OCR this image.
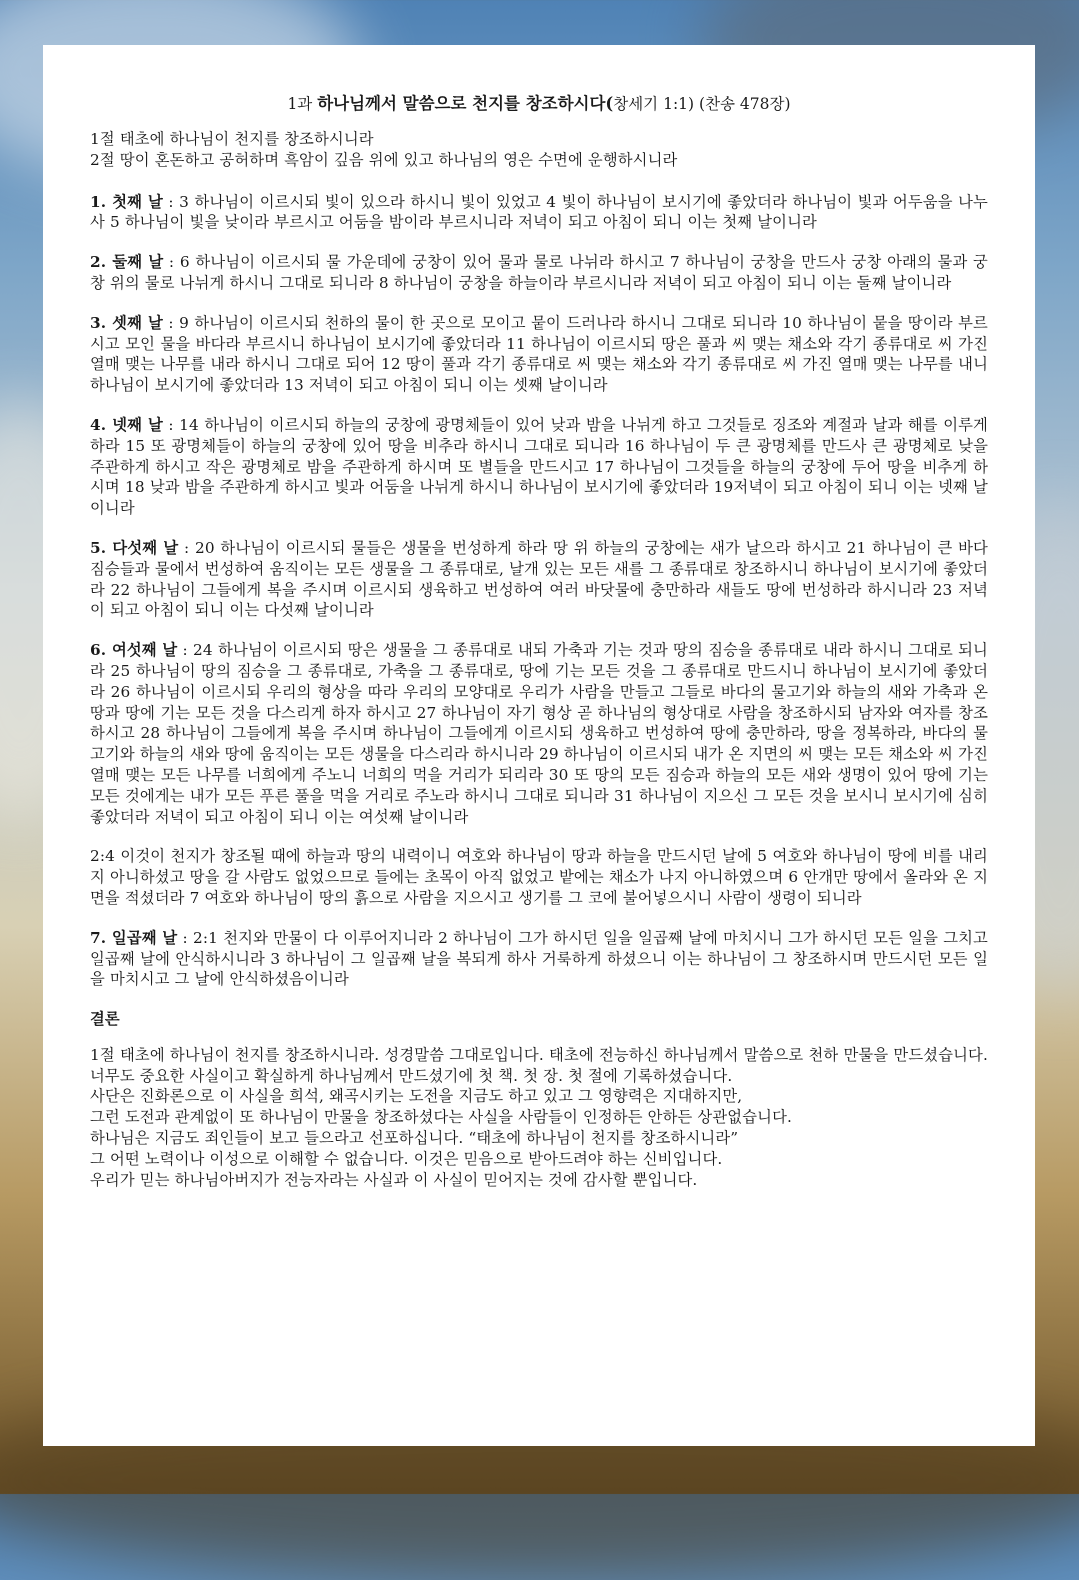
1과 하나님께서 말씀으로 천지를 창조하시다(창세기 1:1) (찬송 478장)

1절 태초에 하나님이 천지를 창조하시니라
2절 땅이 혼돈하고 공허하며 흑암이 깊음 위에 있고 하나님의 영은 수면에 운행하시니라

1. 첫째 날 : 3 하나님이 이르시되 빛이 있으라 하시니 빛이 있었고 4 빛이 하나님이 보시기에 좋았더라 하나님이 빛과 어두움을 나누사 5 하나님이 빛을 낮이라 부르시고 어둠을 밤이라 부르시니라 저녁이 되고 아침이 되니 이는 첫째 날이니라

2. 둘째 날 : 6 하나님이 이르시되 물 가운데에 궁창이 있어 물과 물로 나뉘라 하시고 7 하나님이 궁창을 만드사 궁창 아래의 물과 궁창 위의 물로 나뉘게 하시니 그대로 되니라 8 하나님이 궁창을 하늘이라 부르시니라 저녁이 되고 아침이 되니 이는 둘째 날이니라

3. 셋째 날 : 9 하나님이 이르시되 천하의 물이 한 곳으로 모이고 뭍이 드러나라 하시니 그대로 되니라 10 하나님이 뭍을 땅이라 부르시고 모인 물을 바다라 부르시니 하나님이 보시기에 좋았더라 11 하나님이 이르시되 땅은 풀과 씨 맺는 채소와 각기 종류대로 씨 가진 열매 맺는 나무를 내라 하시니 그대로 되어 12 땅이 풀과 각기 종류대로 씨 맺는 채소와 각기 종류대로 씨 가진 열매 맺는 나무를 내니 하나님이 보시기에 좋았더라 13 저녁이 되고 아침이 되니 이는 셋째 날이니라

4. 넷째 날 : 14 하나님이 이르시되 하늘의 궁창에 광명체들이 있어 낮과 밤을 나뉘게 하고 그것들로 징조와 계절과 날과 해를 이루게 하라 15 또 광명체들이 하늘의 궁창에 있어 땅을 비추라 하시니 그대로 되니라 16 하나님이 두 큰 광명체를 만드사 큰 광명체로 낮을 주관하게 하시고 작은 광명체로 밤을 주관하게 하시며 또 별들을 만드시고 17 하나님이 그것들을 하늘의 궁창에 두어 땅을 비추게 하시며 18 낮과 밤을 주관하게 하시고 빛과 어둠을 나뉘게 하시니 하나님이 보시기에 좋았더라 19저녁이 되고 아침이 되니 이는 넷째 날이니라

5. 다섯째 날 : 20 하나님이 이르시되 물들은 생물을 번성하게 하라 땅 위 하늘의 궁창에는 새가 날으라 하시고 21 하나님이 큰 바다 짐승들과 물에서 번성하여 움직이는 모든 생물을 그 종류대로, 날개 있는 모든 새를 그 종류대로 창조하시니 하나님이 보시기에 좋았더라 22 하나님이 그들에게 복을 주시며 이르시되 생육하고 번성하여 여러 바닷물에 충만하라 새들도 땅에 번성하라 하시니라 23 저녁이 되고 아침이 되니 이는 다섯째 날이니라

6. 여섯째 날 : 24 하나님이 이르시되 땅은 생물을 그 종류대로 내되 가축과 기는 것과 땅의 짐승을 종류대로 내라 하시니 그대로 되니라 25 하나님이 땅의 짐승을 그 종류대로, 가축을 그 종류대로, 땅에 기는 모든 것을 그 종류대로 만드시니 하나님이 보시기에 좋았더라 26 하나님이 이르시되 우리의 형상을 따라 우리의 모양대로 우리가 사람을 만들고 그들로 바다의 물고기와 하늘의 새와 가축과 온 땅과 땅에 기는 모든 것을 다스리게 하자 하시고 27 하나님이 자기 형상 곧 하나님의 형상대로 사람을 창조하시되 남자와 여자를 창조하시고 28 하나님이 그들에게 복을 주시며 하나님이 그들에게 이르시되 생육하고 번성하여 땅에 충만하라, 땅을 정복하라, 바다의 물고기와 하늘의 새와 땅에 움직이는 모든 생물을 다스리라 하시니라 29 하나님이 이르시되 내가 온 지면의 씨 맺는 모든 채소와 씨 가진 열매 맺는 모든 나무를 너희에게 주노니 너희의 먹을 거리가 되리라 30 또 땅의 모든 짐승과 하늘의 모든 새와 생명이 있어 땅에 기는 모든 것에게는 내가 모든 푸른 풀을 먹을 거리로 주노라 하시니 그대로 되니라 31 하나님이 지으신 그 모든 것을 보시니 보시기에 심히 좋았더라 저녁이 되고 아침이 되니 이는 여섯째 날이니라

2:4 이것이 천지가 창조될 때에 하늘과 땅의 내력이니 여호와 하나님이 땅과 하늘을 만드시던 날에 5 여호와 하나님이 땅에 비를 내리지 아니하셨고 땅을 갈 사람도 없었으므로 들에는 초목이 아직 없었고 밭에는 채소가 나지 아니하였으며 6 안개만 땅에서 올라와 온 지면을 적셨더라 7 여호와 하나님이 땅의 흙으로 사람을 지으시고 생기를 그 코에 불어넣으시니 사람이 생령이 되니라

7. 일곱째 날 : 2:1 천지와 만물이 다 이루어지니라 2 하나님이 그가 하시던 일을 일곱째 날에 마치시니 그가 하시던 모든 일을 그치고 일곱째 날에 안식하시니라 3 하나님이 그 일곱째 날을 복되게 하사 거룩하게 하셨으니 이는 하나님이 그 창조하시며 만드시던 모든 일을 마치시고 그 날에 안식하셨음이니라

결론

1절 태초에 하나님이 천지를 창조하시니라. 성경말씀 그대로입니다. 태초에 전능하신 하나님께서 말씀으로 천하 만물을 만드셨습니다. 너무도 중요한 사실이고 확실하게 하나님께서 만드셨기에 첫 책. 첫 장. 첫 절에 기록하셨습니다.

사단은 진화론으로 이 사실을 희석, 왜곡시키는 도전을 지금도 하고 있고 그 영향력은 지대하지만,

그런 도전과 관계없이 또 하나님이 만물을 창조하셨다는 사실을 사람들이 인정하든 안하든 상관없습니다.

하나님은 지금도 죄인들이 보고 들으라고 선포하십니다. “태초에 하나님이 천지를 창조하시니라”

그 어떤 노력이나 이성으로 이해할 수 없습니다. 이것은 믿음으로 받아드려야 하는 신비입니다.

우리가 믿는 하나님아버지가 전능자라는 사실과 이 사실이 믿어지는 것에 감사할 뿐입니다.
